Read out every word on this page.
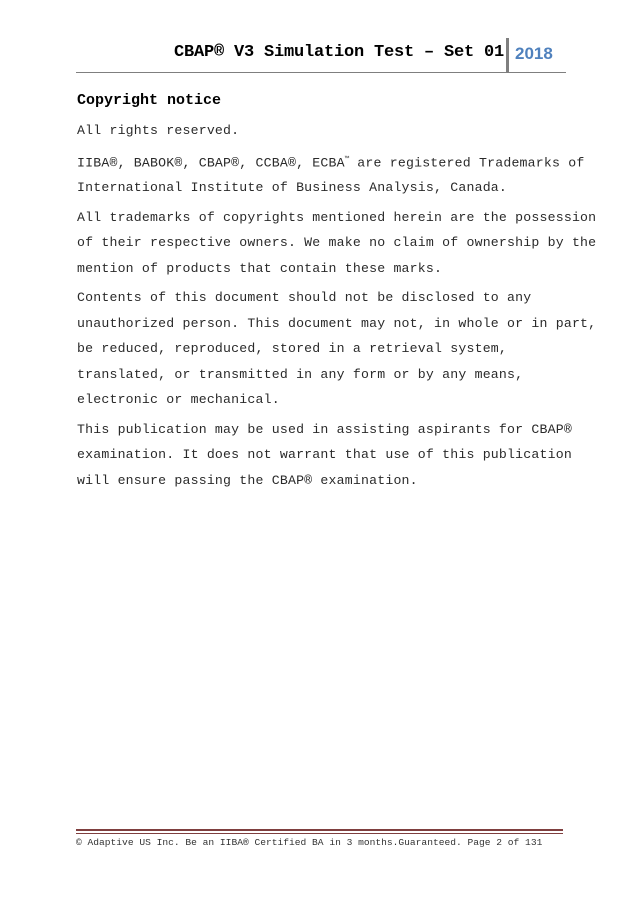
CBAP® V3 Simulation Test – Set 01 2018
Copyright notice

All rights reserved.

IIBA®, BABOK®, CBAP®, CCBA®, ECBA™ are registered Trademarks of
International Institute of Business Analysis, Canada.

All trademarks of copyrights mentioned herein are the possession
of their respective owners. We make no claim of ownership by the
mention of products that contain these marks.

Contents of this document should not be disclosed to any
unauthorized person. This document may not, in whole or in part,
be reduced, reproduced, stored in a retrieval system,
translated, or transmitted in any form or by any means,
electronic or mechanical.

This publication may be used in assisting aspirants for CBAP®
examination. It does not warrant that use of this publication
will ensure passing the CBAP® examination.

© Adaptive US Inc. Be an IIBA® Certified BA in 3 months.Guaranteed. Page 2 of 131
